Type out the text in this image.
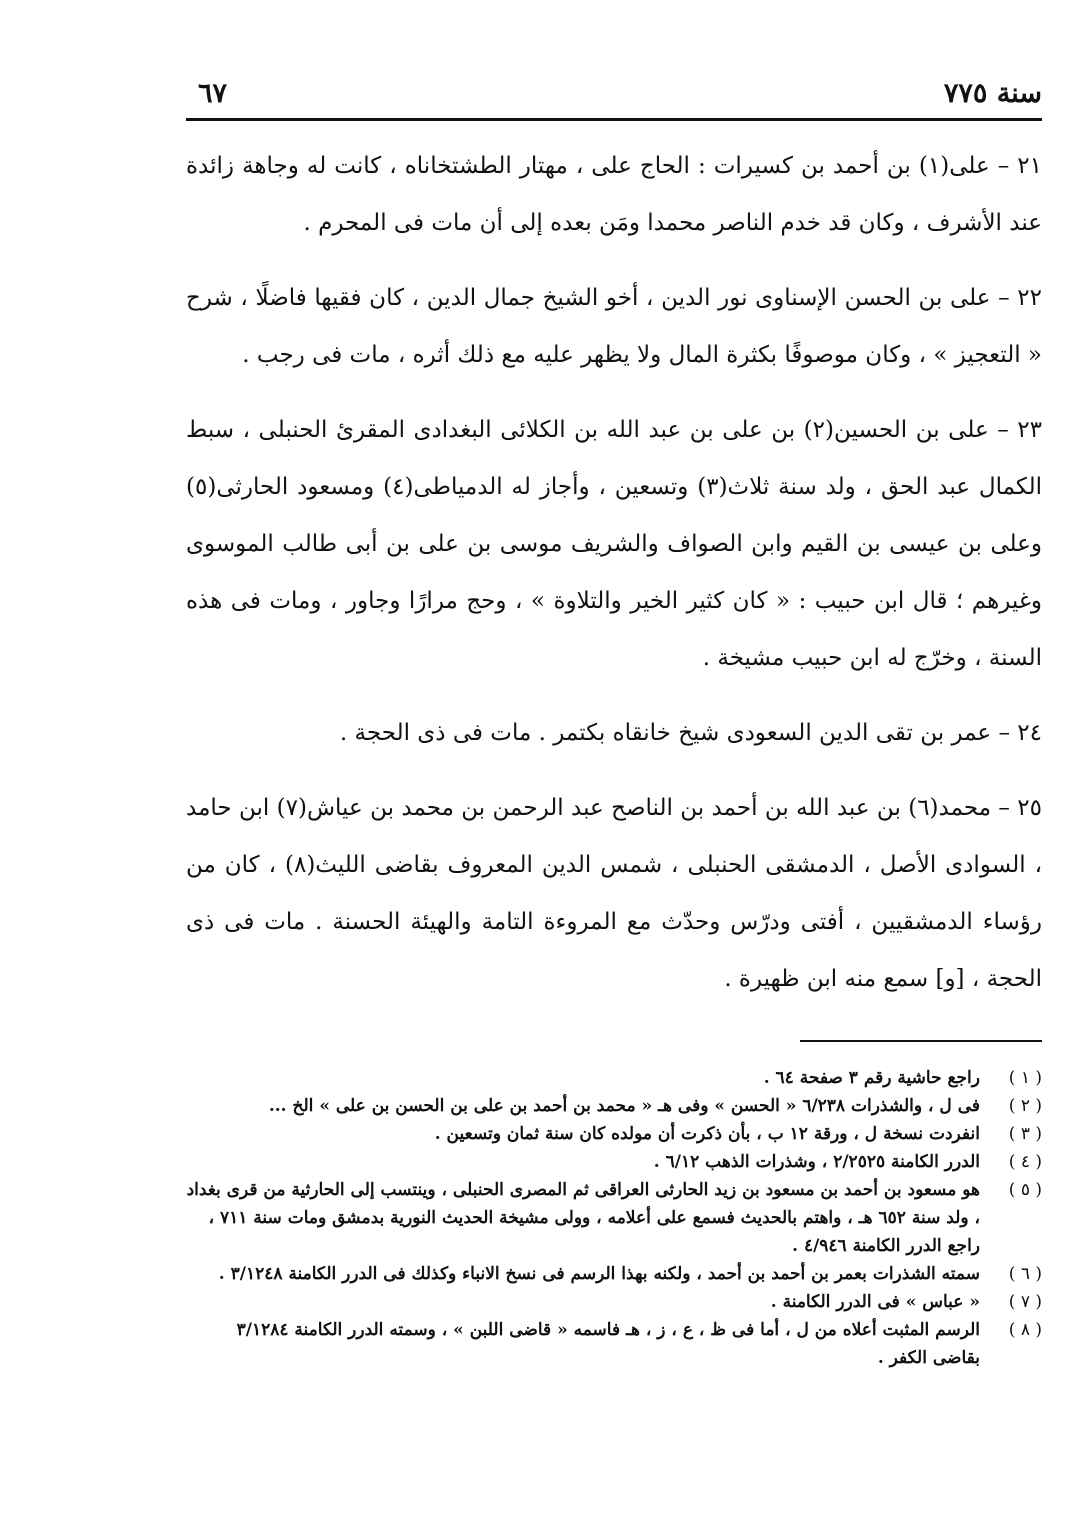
سنة ٧٧٥
٦٧

٢١ – على(١) بن أحمد بن كسيرات : الحاج على ، مهتار الطشتخاناه ، كانت له وجاهة زائدة عند الأشرف ، وكان قد خدم الناصر محمدا ومَن بعده إلى أن مات فى المحرم .

٢٢ – على بن الحسن الإسناوى نور الدين ، أخو الشيخ جمال الدين ، كان فقيها فاضلًا ، شرح « التعجيز » ، وكان موصوفًا بكثرة المال ولا يظهر عليه مع ذلك أثره ، مات فى رجب .

٢٣ – على بن الحسين(٢) بن على بن عبد الله بن الكلائى البغدادى المقرئ الحنبلى ، سبط الكمال عبد الحق ، ولد سنة ثلاث(٣) وتسعين ، وأجاز له الدمياطى(٤) ومسعود الحارثى(٥) وعلى بن عيسى بن القيم وابن الصواف والشريف موسى بن على بن أبى طالب الموسوى وغيرهم ؛ قال ابن حبيب : « كان كثير الخير والتلاوة » ، وحج مرارًا وجاور ، ومات فى هذه السنة ، وخرّج له ابن حبيب مشيخة .

٢٤ – عمر بن تقى الدين السعودى شيخ خانقاه بكتمر . مات فى ذى الحجة .

٢٥ – محمد(٦) بن عبد الله بن أحمد بن الناصح عبد الرحمن بن محمد بن عياش(٧) ابن حامد ، السوادى الأصل ، الدمشقى الحنبلى ، شمس الدين المعروف بقاضى الليث(٨) ، كان من رؤساء الدمشقيين ، أفتى ودرّس وحدّث مع المروءة التامة والهيئة الحسنة . مات فى ذى الحجة ، [و] سمع منه ابن ظهيرة .

( ١ )
راجع حاشية رقم ٣ صفحة ٦٤ .
( ٢ )
فى ل ، والشذرات ٦/٢٣٨ « الحسن » وفى هـ « محمد بن أحمد بن على بن الحسن بن على » الخ ...
( ٣ )
انفردت نسخة ل ، ورقة ١٢ ب ، بأن ذكرت أن مولده كان سنة ثمان وتسعين .
( ٤ )
الدرر الكامنة ٢/٢٥٢٥ ، وشذرات الذهب ٦/١٢ .
( ٥ )
هو مسعود بن أحمد بن مسعود بن زيد الحارثى العراقى ثم المصرى الحنبلى ، وينتسب إلى الحارثية من قرى بغداد ، ولد سنة ٦٥٢ هـ ، واهتم بالحديث فسمع على أعلامه ، وولى مشيخة الحديث النورية بدمشق ومات سنة ٧١١ ، راجع الدرر الكامنة ٤/٩٤٦ .
( ٦ )
سمته الشذرات بعمر بن أحمد بن أحمد ، ولكنه بهذا الرسم فى نسخ الانباء وكذلك فى الدرر الكامنة ٣/١٢٤٨ .
( ٧ )
« عباس » فى الدرر الكامنة .
( ٨ )
الرسم المثبت أعلاه من ل ، أما فى ظ ، ع ، ز ، هـ فاسمه « قاضى اللبن » ، وسمته الدرر الكامنة ٣/١٢٨٤ بقاضى الكفر .
